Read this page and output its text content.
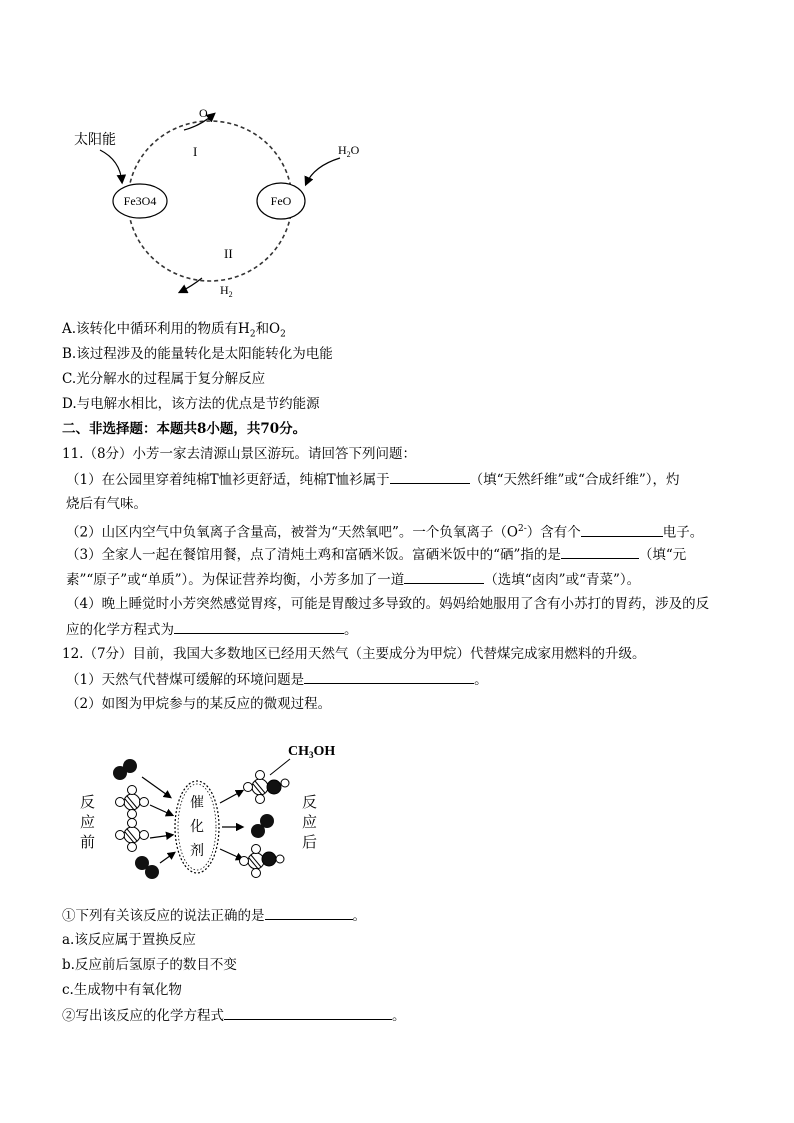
Fe3O4	FeO
太阳能
$O_2$
$H_2O$
$H_2$
I
II
A.该转化中循环利用的物质有$H_2$和$O_2$
B.该过程涉及的能量转化是太阳能转化为电能
C.光分解水的过程属于复分解反应
D.与电解水相比，该方法的优点是节约能源
二、非选择题：本题共8小题，共70分。
11.（8分）小芳一家去清源山景区游玩。请回答下列问题：
（1）在公园里穿着纯棉T恤衫更舒适，纯棉T恤衫属于	（填“天然纤维”或“合成纤维”），灼
烧后有气味。
（2）山区内空气中负氧离子含量高，被誉为“天然氧吧”。一个负氧离子$(O^{2-})$含有个	电子。
（3）全家人一起在餐馆用餐，点了清炖土鸡和富硒米饭。富硒米饭中的“硒”指的是	（填“元
素”“原子”或“单质”）。为保证营养均衡，小芳多加了一道	（选填“卤肉”或“青菜”）。
（4）晚上睡觉时小芳突然感觉胃疼，可能是胃酸过多导致的。妈妈给她服用了含有小苏打的胃药，涉及的反
应的化学方程式为	。
12.（7分）目前，我国大多数地区已经用天然气（主要成分为甲烷）代替煤完成家用燃料的升级。
（1）天然气代替煤可缓解的环境问题是	。
（2）如图为甲烷参与的某反应的微观过程。
反
应
前
反
应
后
$CH_3OH$
催
化
剂
①下列有关该反应的说法正确的是	。
a.该反应属于置换反应
b.反应前后氢原子的数目不变
c.生成物中有氧化物
②写出该反应的化学方程式	。
